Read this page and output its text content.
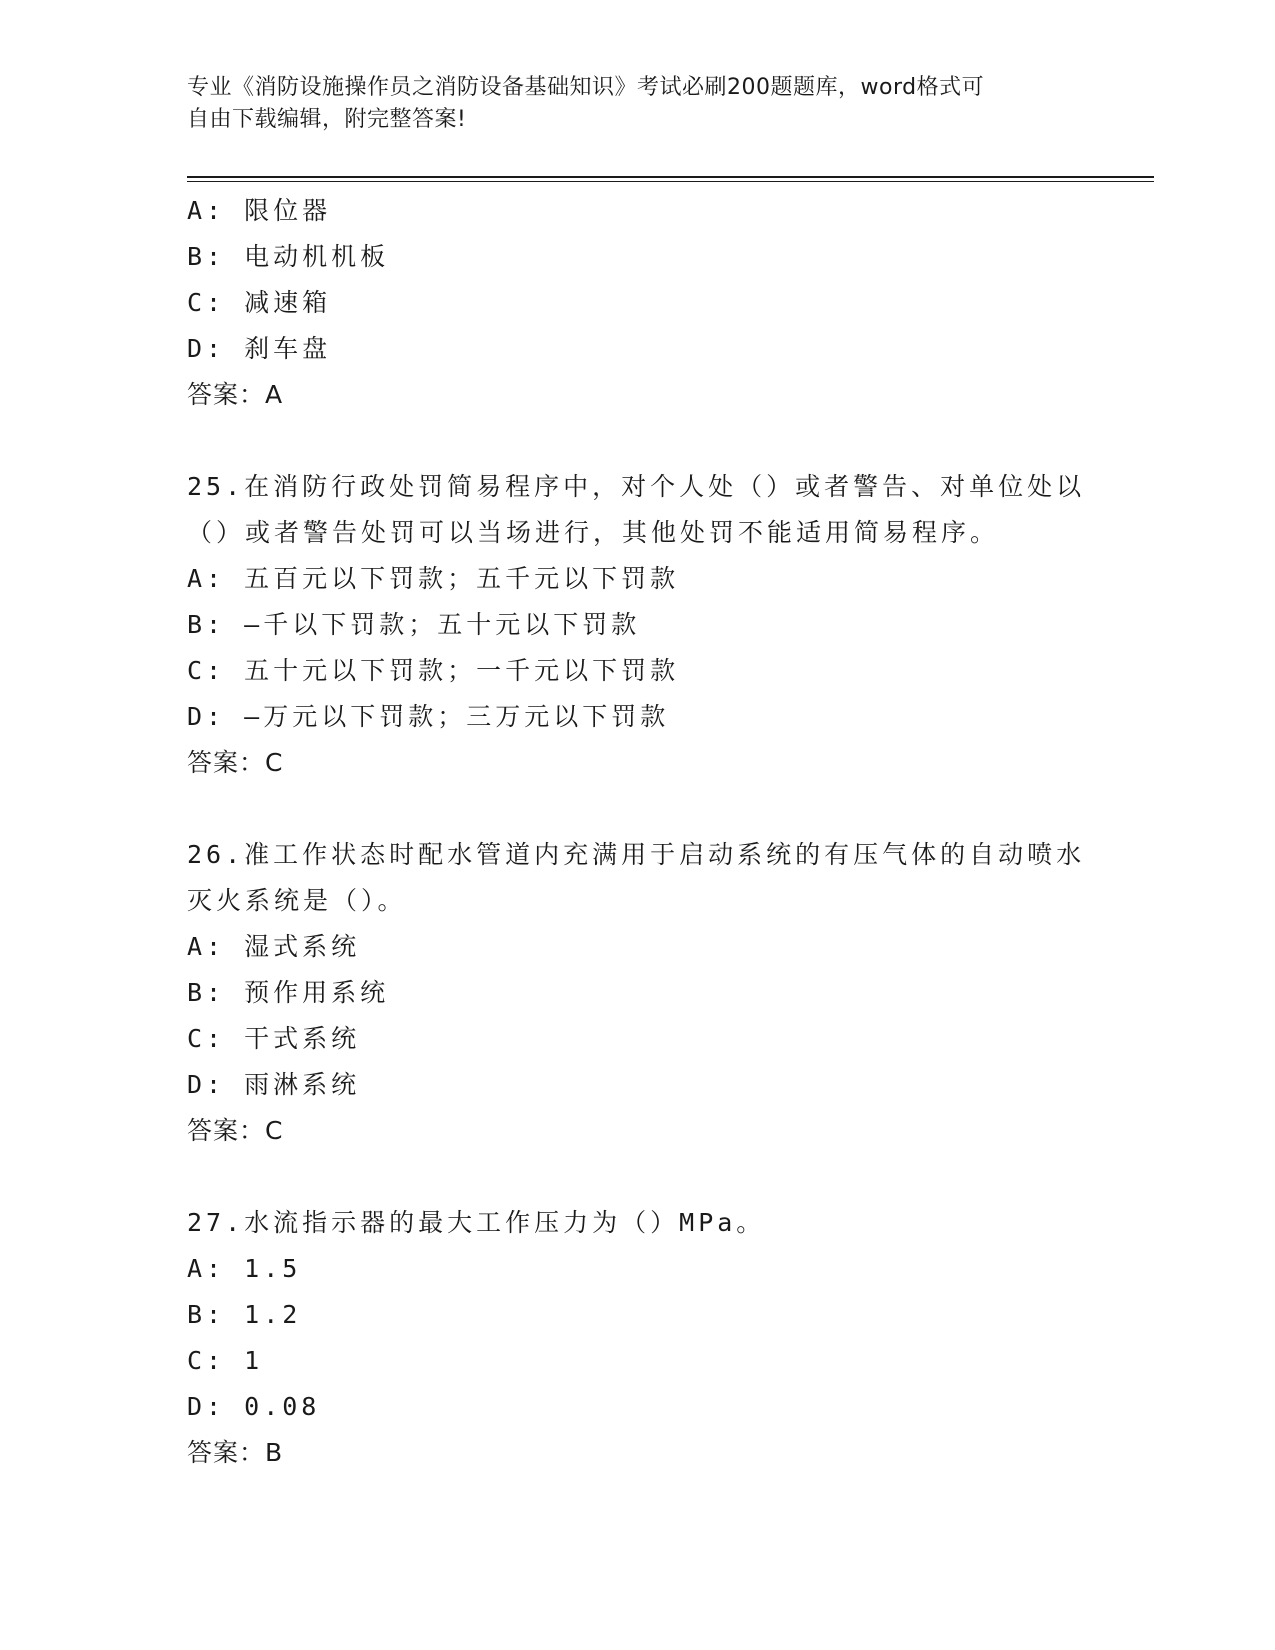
专业《消防设施操作员之消防设备基础知识》考试必刷200题题库，word格式可
自由下载编辑，附完整答案!
A: 限位器
B: 电动机机板
C: 减速箱
D: 刹车盘
答案：A
25.在消防行政处罚简易程序中，对个人处（）或者警告、对单位处以
（）或者警告处罚可以当场进行，其他处罚不能适用简易程序。
A: 五百元以下罚款；五千元以下罚款
B: —千以下罚款；五十元以下罚款
C: 五十元以下罚款；一千元以下罚款
D: —万元以下罚款；三万元以下罚款
答案：C
26.准工作状态时配水管道内充满用于启动系统的有压气体的自动喷水
灭火系统是（）。
A: 湿式系统
B: 预作用系统
C: 干式系统
D: 雨淋系统
答案：C
27.水流指示器的最大工作压力为（）MPa。
A: 1.5
B: 1.2
C: 1
D: 0.08
答案：B
